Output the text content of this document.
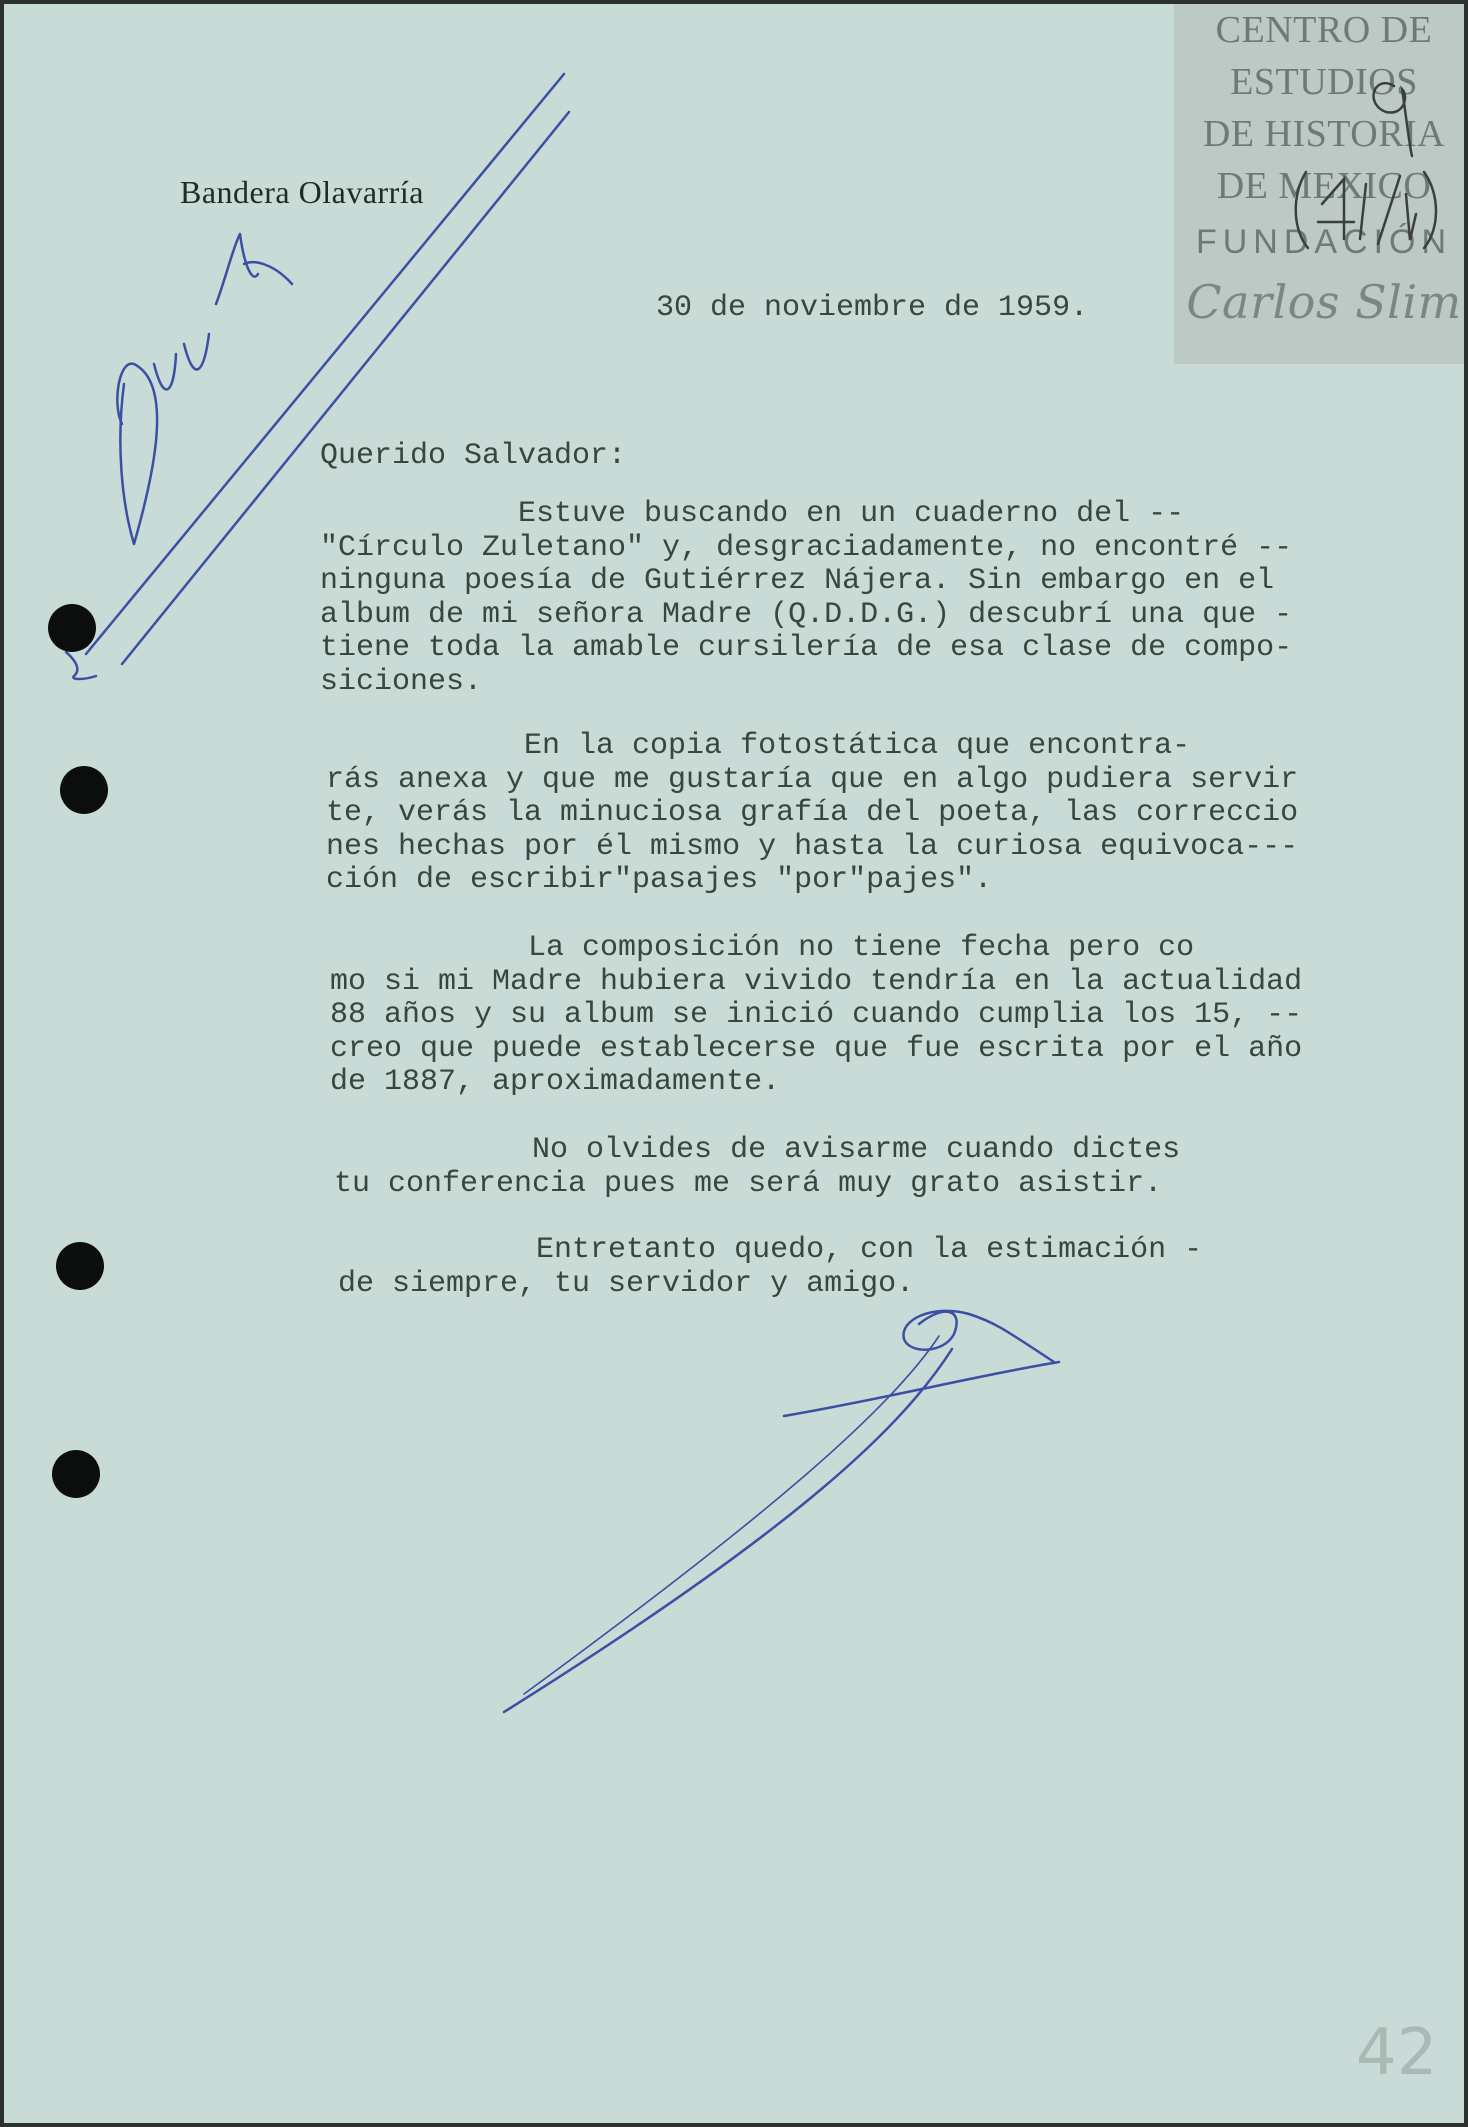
Bandera Olavarría
CENTRO DE
ESTUDIOS
DE HISTORIA
DE MEXICO
FUNDACIÓN
Carlos Slim
30 de noviembre de 1959.
Querido Salvador:
Estuve buscando en un cuaderno del --
"Círculo Zuletano" y, desgraciadamente, no encontré --
ninguna poesía de Gutiérrez Nájera. Sin embargo en el
album de mi señora Madre (Q.D.D.G.) descubrí una que -
tiene toda la amable cursilería de esa clase de compo-
siciones.
En la copia fotostática que encontra-
rás anexa y que me gustaría que en algo pudiera servir
te, verás la minuciosa grafía del poeta, las correccio
nes hechas por él mismo y hasta la curiosa equivoca---
ción de escribir"pasajes "por"pajes".
La composición no tiene fecha pero co
mo si mi Madre hubiera vivido tendría en la actualidad
88 años y su album se inició cuando cumplia los 15, --
creo que puede establecerse que fue escrita por el año
de 1887, aproximadamente.
No olvides de avisarme cuando dictes
tu conferencia pues me será muy grato asistir.
Entretanto quedo, con la estimación -
de siempre, tu servidor y amigo.
42
